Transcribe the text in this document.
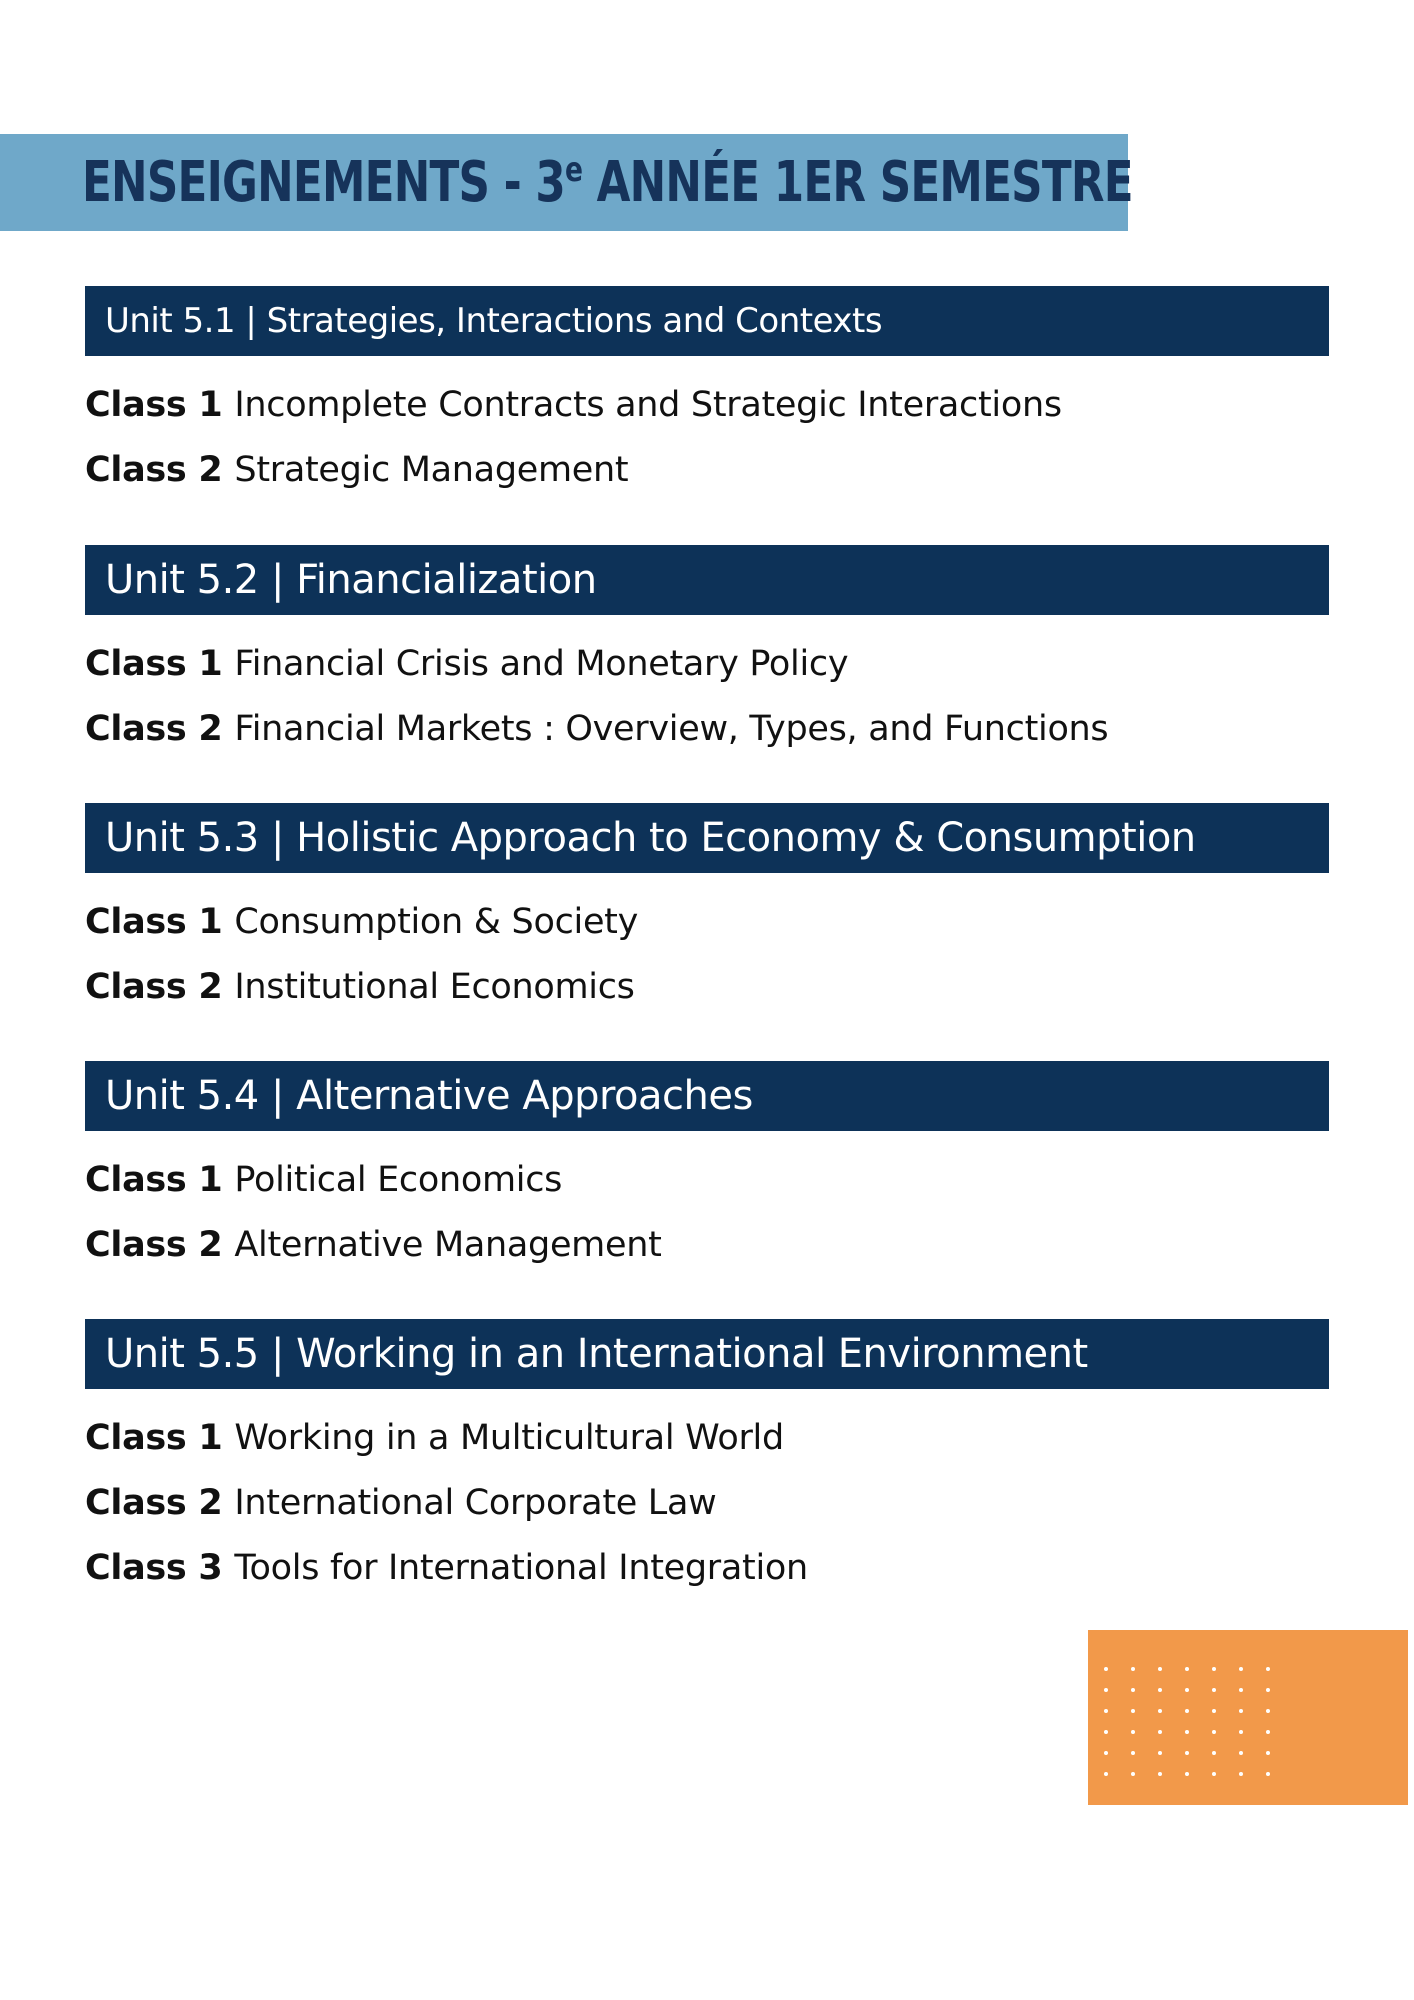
ENSEIGNEMENTS - 3e ANNÉE 1ER SEMESTRE
Unit 5.1 | Strategies, Interactions and Contexts
Class 1 Incomplete Contracts and Strategic Interactions
Class 2 Strategic Management
Unit 5.2 | Financialization
Class 1 Financial Crisis and Monetary Policy
Class 2 Financial Markets : Overview, Types, and Functions
Unit 5.3 | Holistic Approach to Economy & Consumption
Class 1 Consumption & Society
Class 2 Institutional Economics
Unit 5.4 | Alternative Approaches
Class 1 Political Economics
Class 2 Alternative Management
Unit 5.5 | Working in an International Environment
Class 1 Working in a Multicultural World
Class 2 International Corporate Law
Class 3 Tools for International Integration
